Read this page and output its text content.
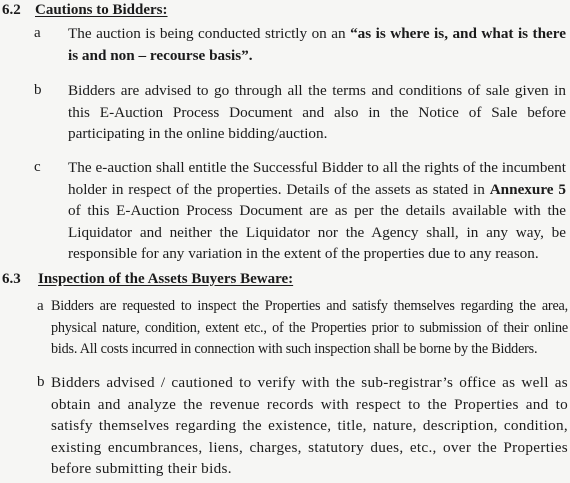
6.2 Cautions to Bidders:
a The auction is being conducted strictly on an “as is where is, and what is there is and non – recourse basis”.
b Bidders are advised to go through all the terms and conditions of sale given in this E-Auction Process Document and also in the Notice of Sale before participating in the online bidding/auction.
c The e-auction shall entitle the Successful Bidder to all the rights of the incumbent holder in respect of the properties. Details of the assets as stated in Annexure 5 of this E-Auction Process Document are as per the details available with the Liquidator and neither the Liquidator nor the Agency shall, in any way, be responsible for any variation in the extent of the properties due to any reason.
6.3 Inspection of the Assets Buyers Beware:
a Bidders are requested to inspect the Properties and satisfy themselves regarding the area, physical nature, condition, extent etc., of the Properties prior to submission of their online bids. All costs incurred in connection with such inspection shall be borne by the Bidders.
b Bidders advised / cautioned to verify with the sub-registrar’s office as well as obtain and analyze the revenue records with respect to the Properties and to satisfy themselves regarding the existence, title, nature, description, condition, existing encumbrances, liens, charges, statutory dues, etc., over the Properties before submitting their bids.
